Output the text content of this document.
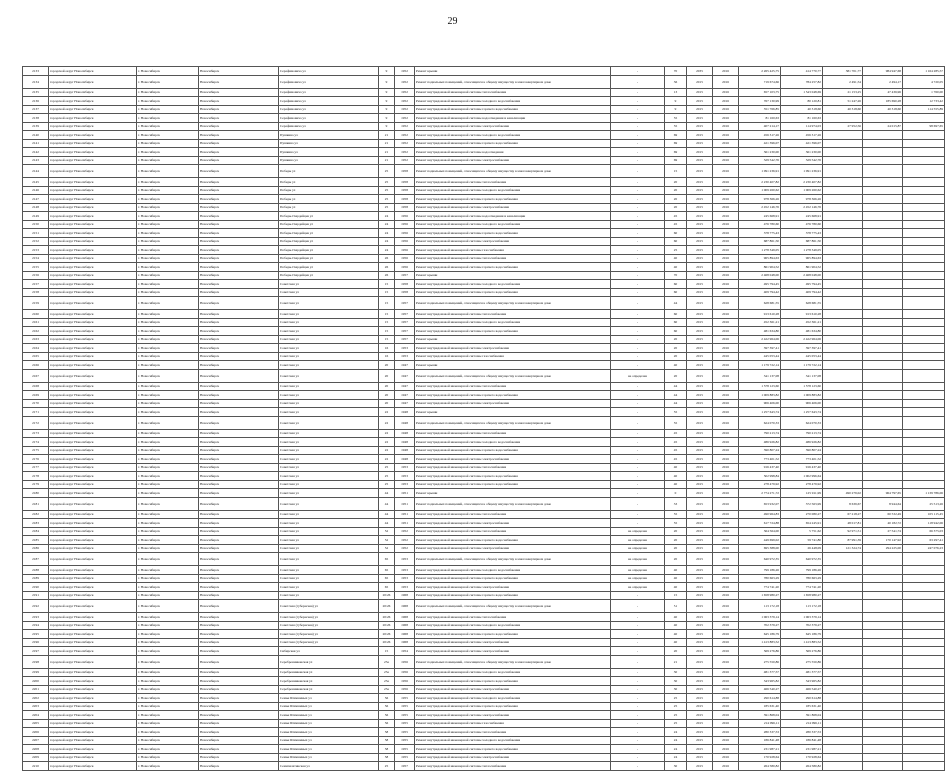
29
2133	городской округ Новосибирск	г. Новосибирск	Новосибирск	Серафимовича ул	9	1952	Ремонт крыши	-	70	2035	2016	2 265 425,75	414 770,77	381 701,77	984 947,68	1 164 285,57
2134	городской округ Новосибирск	г. Новосибирск	Новосибирск	Серафимовича ул	9	1952	Ремонт подвальных помещений, относящихся к общему имуществу в многоквартирном доме	-	36	2015	2016	719 674,66	784 257,82	2 491,54	2 494,17	4 720,05
2135	городской округ Новосибирск	г. Новосибирск	Новосибирск	Серафимовича ул	9	1952	Ремонт внутридомовой инженерной системы теплоснабжения	-	13	2015	2016	657 103,75	1 543 048,69	21 153,25	47 436,96	1 760,00
2136	городской округ Новосибирск	г. Новосибирск	Новосибирск	Серафимовича ул	9	1952	Ремонт внутридомовой инженерной системы холодного водоснабжения	-	9	2015	2016	767 130,99	80 120,81	51 247,26	185 690,28	12 733,42
2137	городской округ Новосибирск	г. Новосибирск	Новосибирск	Серафимовича ул	9	1952	Ремонт внутридомовой инженерной системы горячего водоснабжения	-	9	2015	2016	351 766,85	40 318,60	40 318,60	40 318,60	114 555,89
2138	городской округ Новосибирск	г. Новосибирск	Новосибирск	Серафимовича ул	9	1952	Ремонт внутридомовой инженерной системы водоотведения и канализации	-	55	2015	2016	81 160,63	81 160,63			
2139	городской округ Новосибирск	г. Новосибирск	Новосибирск	Серафимовича ул	9	1952	Ремонт внутридомовой инженерной системы электроснабжения	-	55	2015	2016	407 214,17	114 974,03	27 952,56	24 015,87	98 697,65
2140	городской округ Новосибирск	г. Новосибирск	Новосибирск	Пушкина ул	21	1952	Ремонт внутридомовой инженерной системы холодного водоснабжения	-	69	2015	2016	456 317,26	456 317,26			
2141	городской округ Новосибирск	г. Новосибирск	Новосибирск	Пушкина ул	21	1952	Ремонт внутридомовой инженерной системы горячего водоснабжения	-	69	2015	2016	421 396,07	421 396,07			
2142	городской округ Новосибирск	г. Новосибирск	Новосибирск	Пушкина ул	21	1952	Ремонт внутридомовой инженерной системы водоотведения	-	69	2015	2016	361 230,00	361 230,00			
2143	городской округ Новосибирск	г. Новосибирск	Новосибирск	Пушкина ул	21	1952	Ремонт внутридомовой инженерной системы электроснабжения	-	69	2015	2016	329 542,76	329 542,76			
2144	городской округ Новосибирск	г. Новосибирск	Новосибирск	Победы ул	25	1958	Ремонт подвальных помещений, относящихся к общему имуществу в многоквартирном доме	-	15	2015	2016	1 091 236,91	1 091 236,91			
2145	городской округ Новосибирск	г. Новосибирск	Новосибирск	Победы ул	25	1958	Ремонт внутридомовой инженерной системы теплоснабжения	-	20	2015	2016	2 230 407,82	2 230 407,82			
2146	городской округ Новосибирск	г. Новосибирск	Новосибирск	Победы ул	25	1958	Ремонт внутридомовой инженерной системы холодного водоснабжения	-	20	2015	2016	1 009 260,62	1 009 260,62			
2147	городской округ Новосибирск	г. Новосибирск	Новосибирск	Победы ул	25	1958	Ремонт внутридомовой инженерной системы горячего водоснабжения	-	20	2015	2016	978 366,26	978 366,26			
2148	городской округ Новосибирск	г. Новосибирск	Новосибирск	Победы ул	25	1958	Ремонт внутридомовой инженерной системы электроснабжения	-	20	2015	2016	2 452 146,76	2 452 146,76			
2149	городской округ Новосибирск	г. Новосибирск	Новосибирск	Победы-Гвардейцев ул	24	1956	Ремонт внутридомовой инженерной системы водоотведения и канализации	-	45	2015	2016	245 668,91	245 668,91			
2150	городской округ Новосибирск	г. Новосибирск	Новосибирск	Победы-Гвардейцев ул	24	1956	Ремонт внутридомовой инженерной системы холодного водоснабжения	-	45	2015	2016	476 780,60	476 780,60			
2151	городской округ Новосибирск	г. Новосибирск	Новосибирск	Победы-Гвардейцев ул	24	1956	Ремонт внутридомовой инженерной системы горячего водоснабжения	-	60	2015	2016	378 775,43	378 775,43			
2152	городской округ Новосибирск	г. Новосибирск	Новосибирск	Победы-Гвардейцев ул	24	1956	Ремонт внутридомовой инженерной системы электроснабжения	-	60	2015	2016	687 861,50	687 861,50			
2153	городской округ Новосибирск	г. Новосибирск	Новосибирск	Победы-Гвардейцев ул	24	1956	Ремонт внутридомовой инженерной системы газоснабжения	-	25	2015	2016	1 278 349,05	1 278 349,05			
2154	городской округ Новосибирск	г. Новосибирск	Новосибирск	Победы-Гвардейцев ул	26	1956	Ремонт внутридомовой инженерной системы теплоснабжения	-	40	2015	2016	965 894,63	965 894,63			
2155	городской округ Новосибирск	г. Новосибирск	Новосибирск	Победы-Гвардейцев ул	26	1956	Ремонт внутридомовой инженерной системы горячего водоснабжения	-	40	2015	2016	861 904,52	861 904,52			
2156	городской округ Новосибирск	г. Новосибирск	Новосибирск	Победы-Гвардейцев ул	26	1957	Ремонт крыши	-	70	2015	2016	2 468 048,00	2 468 048,00			
2157	городской округ Новосибирск	г. Новосибирск	Новосибирск	Советская ул	15	1958	Ремонт внутридомовой инженерной системы холодного водоснабжения	-	60	2015	2016	495 794,45	495 794,45			
2158	городской округ Новосибирск	г. Новосибирск	Новосибирск	Советская ул	15	1958	Ремонт внутридомовой инженерной системы горячего водоснабжения	-	60	2015	2016	409 794,42	409 794,42			
2159	городской округ Новосибирск	г. Новосибирск	Новосибирск	Советская ул	15	1957	Ремонт подвальных помещений, относящихся к общему имуществу в многоквартирном доме	-	44	2015	2016	628 681,55	628 681,55			
2160	городской округ Новосибирск	г. Новосибирск	Новосибирск	Советская ул	15	1957	Ремонт внутридомовой инженерной системы теплоснабжения	-	60	2015	2016	913 610,28	913 610,28			
2161	городской округ Новосибирск	г. Новосибирск	Новосибирск	Советская ул	15	1957	Ремонт внутридомовой инженерной системы холодного водоснабжения	-	60	2015	2016	452 361,21	452 361,21			
2162	городской округ Новосибирск	г. Новосибирск	Новосибирск	Советская ул	15	1957	Ремонт внутридомовой инженерной системы горячего водоснабжения	-	60	2015	2016	481 634,80	481 634,80			
2163	городской округ Новосибирск	г. Новосибирск	Новосибирск	Советская ул	15	1957	Ремонт крыши	-	20	2015	2016	2 422 964,06	2 422 964,06			
2164	городской округ Новосибирск	г. Новосибирск	Новосибирск	Советская ул	16	1953	Ремонт внутридомовой инженерной системы электроснабжения	-	20	2015	2016	397 397,41	397 397,41			
2165	городской округ Новосибирск	г. Новосибирск	Новосибирск	Советская ул	16	1953	Ремонт внутридомовой инженерной системы газоснабжения	-	20	2015	2016	445 053,44	445 053,44			
2166	городской округ Новосибирск	г. Новосибирск	Новосибирск	Советская ул	20	1947	Ремонт крыши	-	40	2015	2016	1 179 722,14	1 179 722,14			
2167	городской округ Новосибирск	г. Новосибирск	Новосибирск	Советская ул	20	1947	Ремонт подвальных помещений, относящихся к общему имуществу в многоквартирном доме	не определен	20	2015	2016	341 137,08	341 137,08			
2168	городской округ Новосибирск	г. Новосибирск	Новосибирск	Советская ул	20	1947	Ремонт внутридомовой инженерной системы теплоснабжения	-	44	2015	2016	1 578 123,60	1 578 123,60			
2169	городской округ Новосибирск	г. Новосибирск	Новосибирск	Советская ул	20	1947	Ремонт внутридомовой инженерной системы горячего водоснабжения	-	44	2015	2016	1 009 883,82	1 009 883,82			
2170	городской округ Новосибирск	г. Новосибирск	Новосибирск	Советская ул	20	1947	Ремонт внутридомовой инженерной системы электроснабжения	-	44	2015	2016	906 406,00	906 406,00			
2171	городской округ Новосибирск	г. Новосибирск	Новосибирск	Советская ул	22	1948	Ремонт крыши	-	55	2015	2016	1 257 643,74	1 257 643,74			
2172	городской округ Новосибирск	г. Новосибирск	Новосибирск	Советская ул	22	1948	Ремонт подвальных помещений, относящихся к общему имуществу в многоквартирном доме	-	55	2015	2016	624 070,33	624 070,33			
2173	городской округ Новосибирск	г. Новосибирск	Новосибирск	Советская ул	22	1948	Ремонт внутридомовой инженерной системы теплоснабжения	-	45	2015	2016	790 213,74	790 213,74			
2174	городской округ Новосибирск	г. Новосибирск	Новосибирск	Советская ул	22	1948	Ремонт внутридомовой инженерной системы холодного водоснабжения	-	45	2015	2016	486 926,82	486 926,82			
2175	городской округ Новосибирск	г. Новосибирск	Новосибирск	Советская ул	22	1948	Ремонт внутридомовой инженерной системы горячего водоснабжения	-	45	2015	2016	390 807,24	390 807,24			
2176	городской округ Новосибирск	г. Новосибирск	Новосибирск	Советская ул	22	1948	Ремонт внутридомовой инженерной системы электроснабжения	-	45	2015	2016	773 401,52	773 401,52			
2177	городской округ Новосибирск	г. Новосибирск	Новосибирск	Советская ул	25	1953	Ремонт внутридомовой инженерной системы теплоснабжения	-	40	2015	2016	916 437,40	916 437,40			
2178	городской округ Новосибирск	г. Новосибирск	Новосибирск	Советская ул	25	1953	Ремонт внутридомовой инженерной системы горячего водоснабжения	-	40	2015	2016	502 998,84	1 002 996,64			
2179	городской округ Новосибирск	г. Новосибирск	Новосибирск	Советская ул	25	1953	Ремонт внутридомовой инженерной системы горячего водоснабжения	-	40	2015	2016	278 479,92	278 479,92			
2180	городской округ Новосибирск	г. Новосибирск	Новосибирск	Советская ул	44	1951	Ремонт крыши	-	0	2015	2016	2 774 271,72	125 911,99	490 279,02	964 797,65	1 139 786,06
2181	городской округ Новосибирск	г. Новосибирск	Новосибирск	Советская ул	44	1951	Ремонт подвальных помещений, относящихся к общему имуществу в многоквартирном доме	-	33	2015	2016	653 932,07	372 563,99	8 639,67	8 944,64	25 513,26
2182	городской округ Новосибирск	г. Новосибирск	Новосибирск	Советская ул	44	1951	Ремонт внутридомовой инженерной системы теплоснабжения	-	55	2015	2016	490 964,83	270 080,27	67 218,27	60 532,49	105 115,45
2183	городской округ Новосибирск	г. Новосибирск	Новосибирск	Советская ул	44	1951	Ремонт внутридомовой инженерной системы электроснабжения	-	55	2015	2016	617 724,88	654 245,91	48 017,81	40 182,72	118 942,06
2184	городской округ Новосибирск	г. Новосибирск	Новосибирск	Советская ул	52	1952	Ремонт внутридомовой инженерной системы теплоснабжения	не определен	20	2015	2016	364 564,00	5 751,62	92 971,51	27 541,74	66 375,03
2185	городской округ Новосибирск	г. Новосибирск	Новосибирск	Советская ул	52	1952	Ремонт внутридомовой инженерной системы горячего водоснабжения	не определен	20	2015	2016	449 699,02	59 741,80	87 991,39	170 147,92	63 297,41
2186	городской округ Новосибирск	г. Новосибирск	Новосибирск	Советская ул	52	1952	Ремонт внутридомовой инженерной системы электроснабжения	не определен	20	2015	2016	695 388,00	26 448,09	121 324,74	294 225,00	247 076,23
2187	городской округ Новосибирск	г. Новосибирск	Новосибирск	Советская ул	65	1953	Ремонт подвальных помещений, относящихся к общему имуществу в многоквартирном доме	не определен	20	2015	2016	640 972,35	640 972,35			
2188	городской округ Новосибирск	г. Новосибирск	Новосибирск	Советская ул	65	1953	Ремонт внутридомовой инженерной системы холодного водоснабжения	не определен	40	2015	2016	799 186,26	799 186,26			
2189	городской округ Новосибирск	г. Новосибирск	Новосибирск	Советская ул	65	1953	Ремонт внутридомовой инженерной системы горячего водоснабжения	не определен	40	2015	2016	780 663,29	780 663,29			
2190	городской округ Новосибирск	г. Новосибирск	Новосибирск	Советская ул	65	1953	Ремонт внутридомовой инженерной системы электроснабжения	не определен	40	2015	2016	774 741,20	774 741,20			
2191	городской округ Новосибирск	г. Новосибирск	Новосибирск	Советская ул	20/26	1968	Ремонт внутридомовой инженерной системы горячего водоснабжения	-	15	2015	2016	1 658 980,27	1 658 980,27			
2192	городской округ Новосибирск	г. Новосибирск	Новосибирск	Советская (губернская) ул	20/26	1968	Ремонт подвальных помещений, относящихся к общему имуществу в многоквартирном доме	-	51	2015	2016	113 172,18	113 172,18			
2193	городской округ Новосибирск	г. Новосибирск	Новосибирск	Советская (губернская) ул	20/26	1968	Ремонт внутридомовой инженерной системы теплоснабжения	-	40	2015	2016	1 063 379,14	1 063 379,14			
2194	городской округ Новосибирск	г. Новосибирск	Новосибирск	Советская (губернская) ул	20/26	1968	Ремонт внутридомовой инженерной системы холодного водоснабжения	-	40	2015	2016	702 379,27	702 379,27			
2195	городской округ Новосибирск	г. Новосибирск	Новосибирск	Советская (губернская) ул	20/26	1968	Ремонт внутридомовой инженерной системы горячего водоснабжения	-	40	2015	2016	645 186,79	645 186,79			
2196	городской округ Новосибирск	г. Новосибирск	Новосибирск	Советская (губернская) ул	20/26	1968	Ремонт внутридомовой инженерной системы электроснабжения	-	40	2015	2016	1 413 883,52	1 413 883,52			
2197	городской округ Новосибирск	г. Новосибирск	Новосибирск	Сибирская ул	15	1954	Ремонт внутридомовой инженерной системы электроснабжения	-	20	2015	2016	569 276,86	569 276,86			
2198	городской округ Новосибирск	г. Новосибирск	Новосибирск	Серебренниковская ул	23а	1956	Ремонт подвальных помещений, относящихся к общему имуществу в многоквартирном доме	-	21	2015	2016	275 550,86	275 550,86			
2199	городской округ Новосибирск	г. Новосибирск	Новосибирск	Серебренниковская ул	23а	1956	Ремонт внутридомовой инженерной системы холодного водоснабжения	-	30	2015	2016	481 377,57	481 377,57			
2200	городской округ Новосибирск	г. Новосибирск	Новосибирск	Серебренниковская ул	23а	1956	Ремонт внутридомовой инженерной системы горячего водоснабжения	-	30	2015	2016	343 965,82	343 965,82			
2201	городской округ Новосибирск	г. Новосибирск	Новосибирск	Серебренниковская ул	23а	1956	Ремонт внутридомовой инженерной системы электроснабжения	-	30	2015	2016	466 540,27	466 540,27			
2202	городской округ Новосибирск	г. Новосибирск	Новосибирск	Семьи Шамшиных ул	56	1955	Ремонт внутридомовой инженерной системы холодного водоснабжения	-	25	2015	2016	290 614,88	290 614,88			
2203	городской округ Новосибирск	г. Новосибирск	Новосибирск	Семьи Шамшиных ул	56	1955	Ремонт внутридомовой инженерной системы горячего водоснабжения	-	25	2015	2016	185 631,40	185 631,40			
2204	городской округ Новосибирск	г. Новосибирск	Новосибирск	Семьи Шамшиных ул	56	1955	Ремонт внутридомовой инженерной системы электроснабжения	-	25	2015	2016	391 868,04	391 868,04			
2205	городской округ Новосибирск	г. Новосибирск	Новосибирск	Семьи Шамшиных ул	56	1955	Ремонт внутридомовой инженерной системы газоснабжения	-	25	2015	2016	214 096,11	214 096,11			
2206	городской округ Новосибирск	г. Новосибирск	Новосибирск	Семьи Шамшиных ул	58	1955	Ремонт внутридомовой инженерной системы теплоснабжения	-	24	2015	2016	280 337,53	280 337,53			
2207	городской округ Новосибирск	г. Новосибирск	Новосибирск	Семьи Шамшиных ул	58	1955	Ремонт внутридомовой инженерной системы холодного водоснабжения	-	24	2015	2016	186 841,48	186 841,48			
2208	городской округ Новосибирск	г. Новосибирск	Новосибирск	Семьи Шамшиных ул	58	1955	Ремонт внутридомовой инженерной системы горячего водоснабжения	-	24	2015	2016	231 987,21	231 987,21			
2209	городской округ Новосибирск	г. Новосибирск	Новосибирск	Семьи Шамшиных ул	58	1955	Ремонт внутридомовой инженерной системы электроснабжения	-	24	2015	2016	170 928,64	170 928,64			
2210	городской округ Новосибирск	г. Новосибирск	Новосибирск	Семипалатинская ул	25	1957	Ремонт внутридомовой инженерной системы теплоснабжения	-	30	2015	2016	264 580,82	264 580,82			
